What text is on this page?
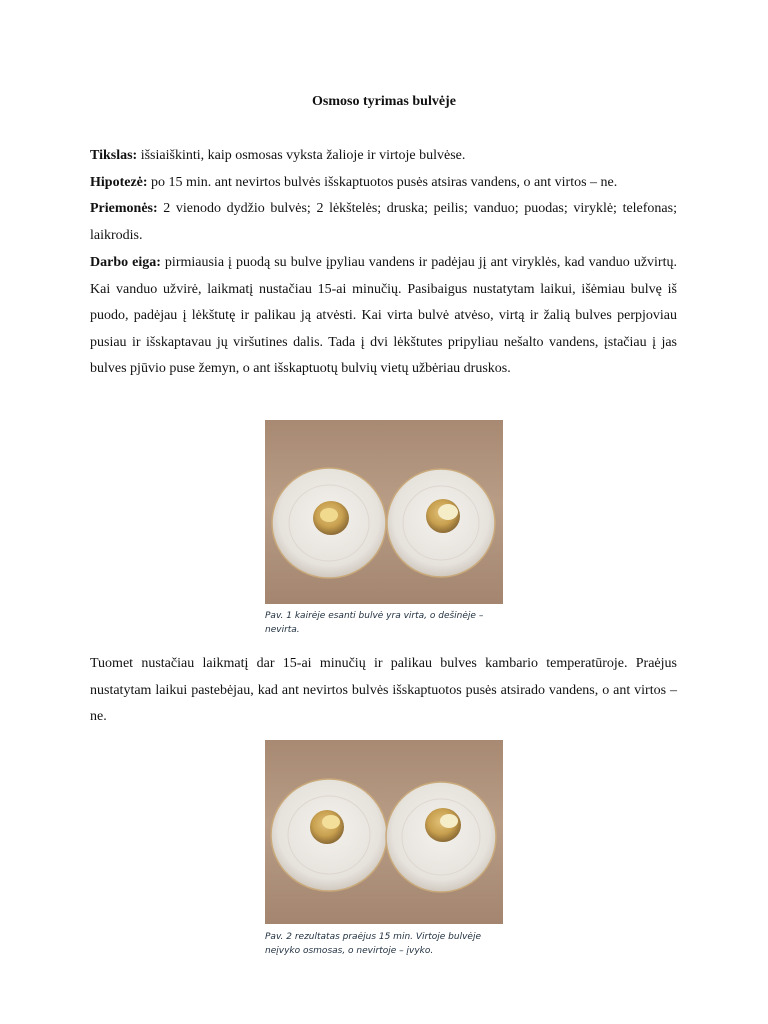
Osmoso tyrimas bulvėje
Tikslas: išsiaiškinti, kaip osmosas vyksta žalioje ir virtoje bulvėse.
Hipotezė: po 15 min. ant nevirtos bulvės išskaptuotos pusės atsiras vandens, o ant virtos – ne.
Priemonės: 2 vienodo dydžio bulvės; 2 lėkštelės; druska; peilis; vanduo; puodas; viryklė; telefonas; laikrodis.
Darbo eiga: pirmiausia į puodą su bulve įpyliau vandens ir padėjau jį ant viryklės, kad vanduo užvirtų. Kai vanduo užvirė, laikmatį nustačiau 15-ai minučių. Pasibaigus nustatytam laikui, išėmiau bulvę iš puodo, padėjau į lėkštutę ir palikau ją atvėsti. Kai virta bulvė atvėso, virtą ir žalią bulves perpjoviau pusiau ir išskaptavau jų viršutines dalis. Tada į dvi lėkštutes pripyliau nešalto vandens, įstačiau į jas bulves pjūvio puse žemyn, o ant išskaptuotų bulvių vietų užbėriau druskos.
Pav. 1 kairėje esanti bulvė yra virta, o dešinėje – nevirta.
Tuomet nustačiau laikmatį dar 15-ai minučių ir palikau bulves kambario temperatūroje. Praėjus nustatytam laikui pastebėjau, kad ant nevirtos bulvės išskaptuotos pusės atsirado vandens, o ant virtos – ne.
Pav. 2 rezultatas praėjus 15 min. Virtoje bulvėje neįvyko osmosas, o nevirtoje – įvyko.
